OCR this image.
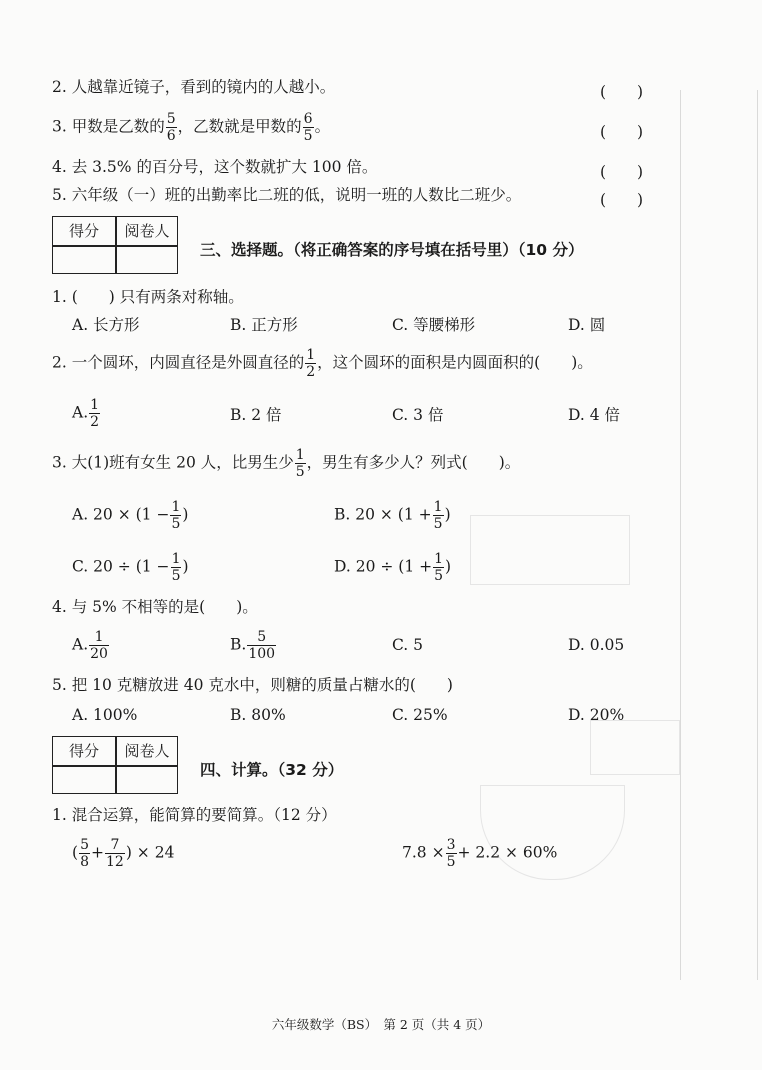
2. 人越靠近镜子，看到的镜内的人越小。	(　　)
3. 甲数是乙数的 $\frac{5}{6}$ ，乙数就是甲数的 $\frac{6}{5}$ 。	(　　)
4. 去 3.5% 的百分号，这个数就扩大 100 倍。	(　　)
5. 六年级（一）班的出勤率比二班的低，说明一班的人数比二班少。	(　　)
得分	阅卷人
三、选择题。（将正确答案的序号填在括号里）（10 分）
1. (　　) 只有两条对称轴。
A. 长方形	B. 正方形	C. 等腰梯形	D. 圆
2. 一个圆环，内圆直径是外圆直径的 $\frac{1}{2}$ ，这个圆环的面积是内圆面积的(　　)。
A. $\frac{1}{2}$	B. 2 倍	C. 3 倍	D. 4 倍
3. 大(1)班有女生 20 人，比男生少 $\frac{1}{5}$ ，男生有多少人？列式(　　)。
A. $20 \times (1 - \frac{1}{5}$ )	B. $20 \times (1 + \frac{1}{5}$ )
C. $20 \div (1 - \frac{1}{5}$ )	D. $20 \div (1 + \frac{1}{5}$ )
4. 与 5% 不相等的是(　　)。
A. $\frac{1}{20}$	B. $\frac{5}{100}$	C. 5	D. 0.05
5. 把 10 克糖放进 40 克水中，则糖的质量占糖水的(　　)
A. 100%	B. 80%	C. 25%	D. 20%
得分	阅卷人
四、计算。（32 分）
1. 混合运算，能简算的要简算。（12 分）
( $\frac{5}{8} + \frac{7}{12}$ ) × 24	$7.8 \times \frac{3}{5} + 2.2 \times 60\%$
六年级数学（BS）　第 2 页（共 4 页）
